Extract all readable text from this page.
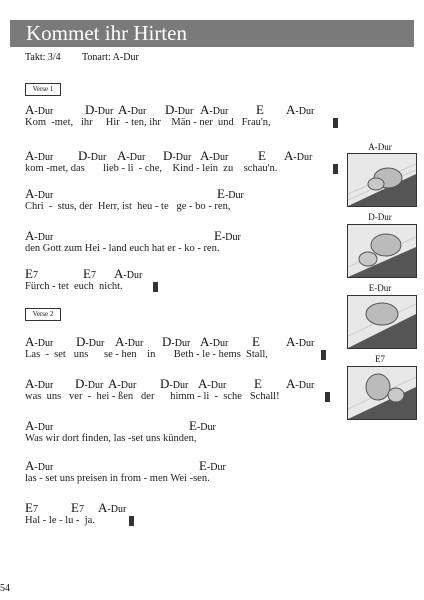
Kommet ihr Hirten
Takt: 3/4 Tonart: A-Dur
Verse 1
Verse 2
A-Dur D-Dur A-Dur D-Dur A-Dur E A-Dur
Kom  -met,   ihr     Hir  - ten, ihr    Män - ner  und   Frau'n,
A-Dur D-Dur A-Dur D-Dur A-Dur E A-Dur
kom -met, das       lieb - li  - che,    Kind - lein  zu    schau'n.
A-Dur	E-Dur
Chri  -  stus, der  Herr, ist  heu - te   ge - bo - ren,
A-Dur	E-Dur
den Gott zum Hei - land euch hat er - ko - ren.
E7	E7 A-Dur
Fürch - tet  euch  nicht.
A-Dur D-Dur A-Dur D-Dur A-Dur E A-Dur
Las  -  set   uns      se - hen    in       Beth - le - hems  Stall,
A-Dur D-Dur A-Dur D-Dur A-Dur E A-Dur
was  uns   ver  -  hei - ßen   der      himm - li  -  sche   Schall!
A-Dur	E-Dur
Was wir dort finden, las -set uns künden,
A-Dur	E-Dur
las - set uns preisen in from - men Wei -sen.
E7	E7 A-Dur
Hal - le - lu -  ja.
A-Dur
D-Dur
E-Dur
E7
54
